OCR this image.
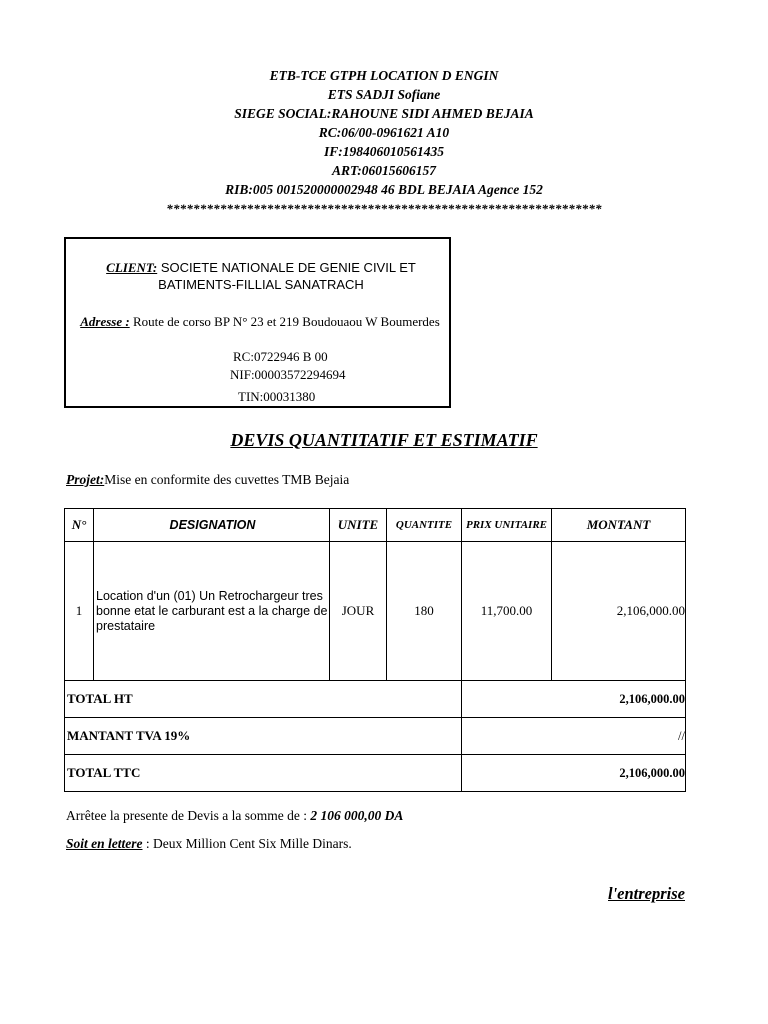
ETB-TCE GTPH LOCATION D ENGIN
ETS SADJI Sofiane
SIEGE SOCIAL:RAHOUNE SIDI AHMED BEJAIA
RC:06/00-0961621 A10
IF:198406010561435
ART:06015606157
RIB:005 001520000002948 46 BDL BEJAIA Agence 152
*****************************************************************
CLIENT: SOCIETE NATIONALE DE GENIE CIVIL ET BATIMENTS-FILLIAL SANATRACH
Adresse : Route de corso BP N° 23 et 219 Boudouaou W Boumerdes
RC:0722946 B 00
NIF:00003572294694
TIN:00031380
DEVIS QUANTITATIF ET ESTIMATIF
Projet:Mise en conformite des cuvettes TMB Bejaia
N°	DESIGNATION	UNITE	QUANTITE	PRIX UNITAIRE	MONTANT
1	Location d'un (01) Un Retrochargeur tres bonne etat le carburant est a la charge de prestataire	JOUR	180	11,700.00	2,106,000.00
TOTAL HT				2,106,000.00	
MANTANT TVA 19%				//	
TOTAL TTC				2,106,000.00	
Arrêtee la presente de Devis a la somme de : 2 106 000,00 DA
Soit en lettere : Deux Million Cent Six Mille Dinars.
l'entreprise
